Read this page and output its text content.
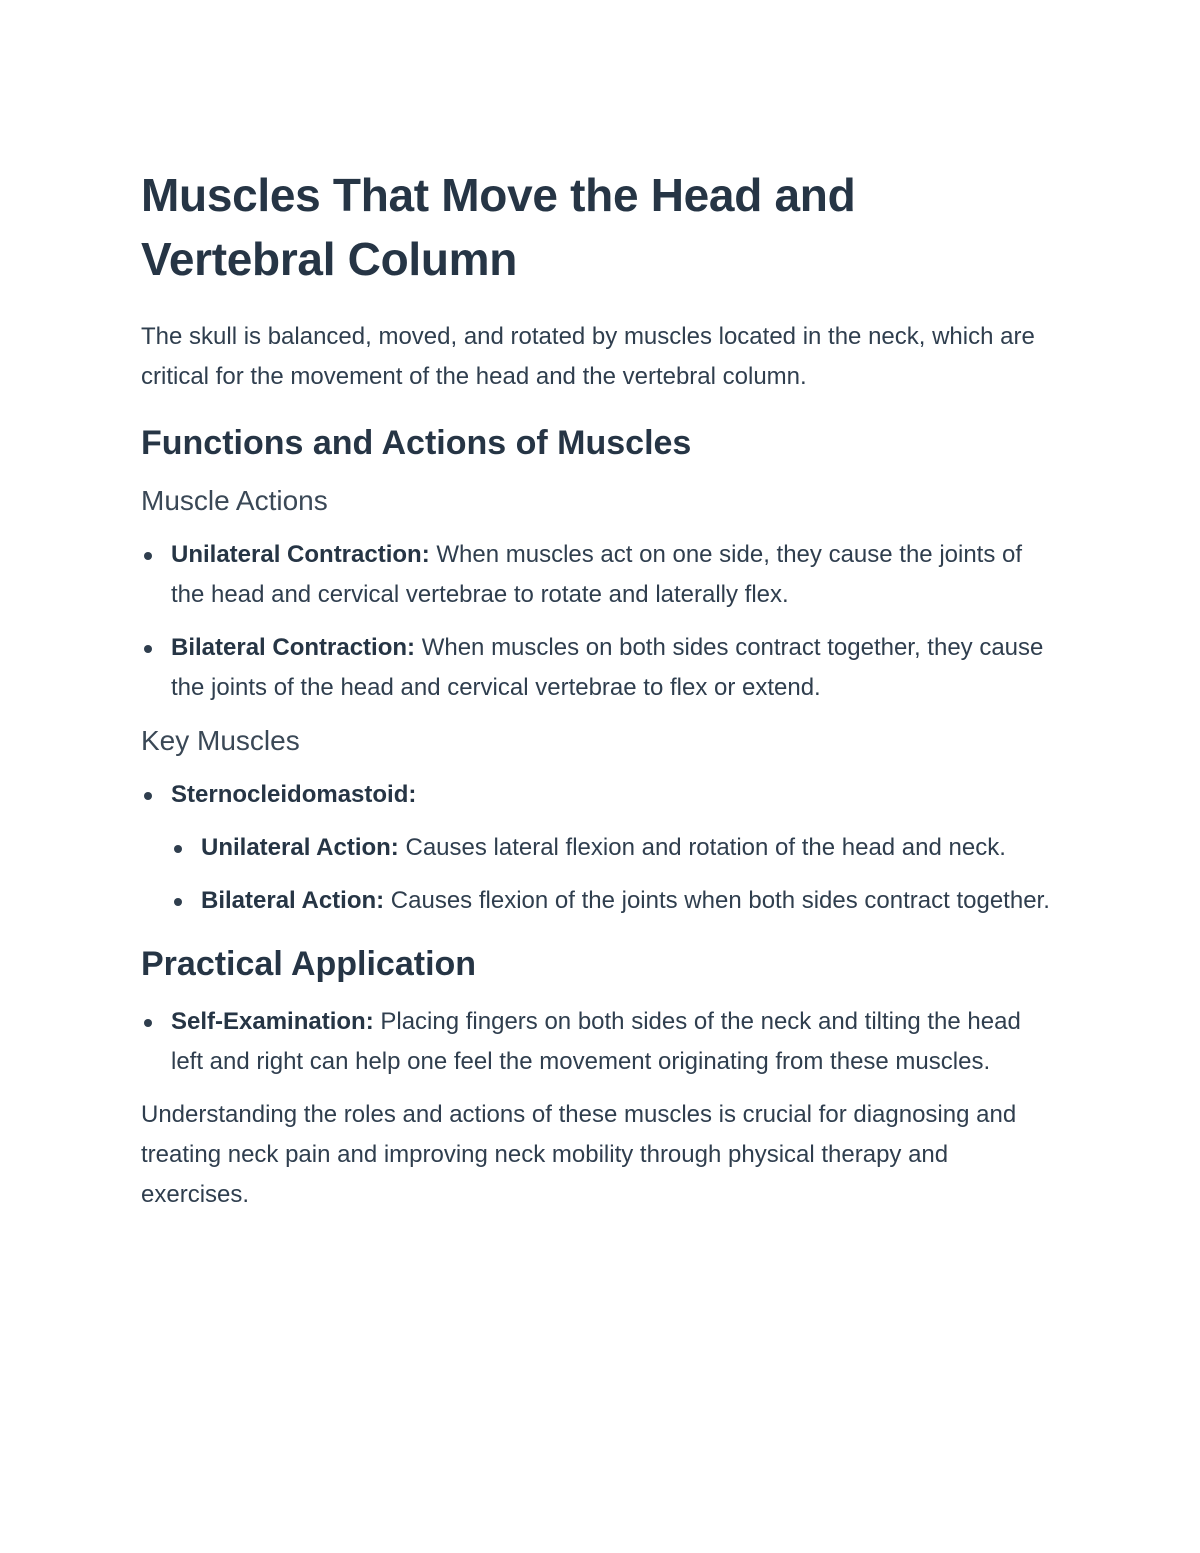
Muscles That Move the Head and Vertebral Column

The skull is balanced, moved, and rotated by muscles located in the neck, which are critical for the movement of the head and the vertebral column.

Functions and Actions of Muscles
Muscle Actions
Unilateral Contraction: When muscles act on one side, they cause the joints of the head and cervical vertebrae to rotate and laterally flex.
Bilateral Contraction: When muscles on both sides contract together, they cause the joints of the head and cervical vertebrae to flex or extend.
Key Muscles
Sternocleidomastoid:
Unilateral Action: Causes lateral flexion and rotation of the head and neck.
Bilateral Action: Causes flexion of the joints when both sides contract together.
Practical Application
Self-Examination: Placing fingers on both sides of the neck and tilting the head left and right can help one feel the movement originating from these muscles.

Understanding the roles and actions of these muscles is crucial for diagnosing and treating neck pain and improving neck mobility through physical therapy and exercises.
